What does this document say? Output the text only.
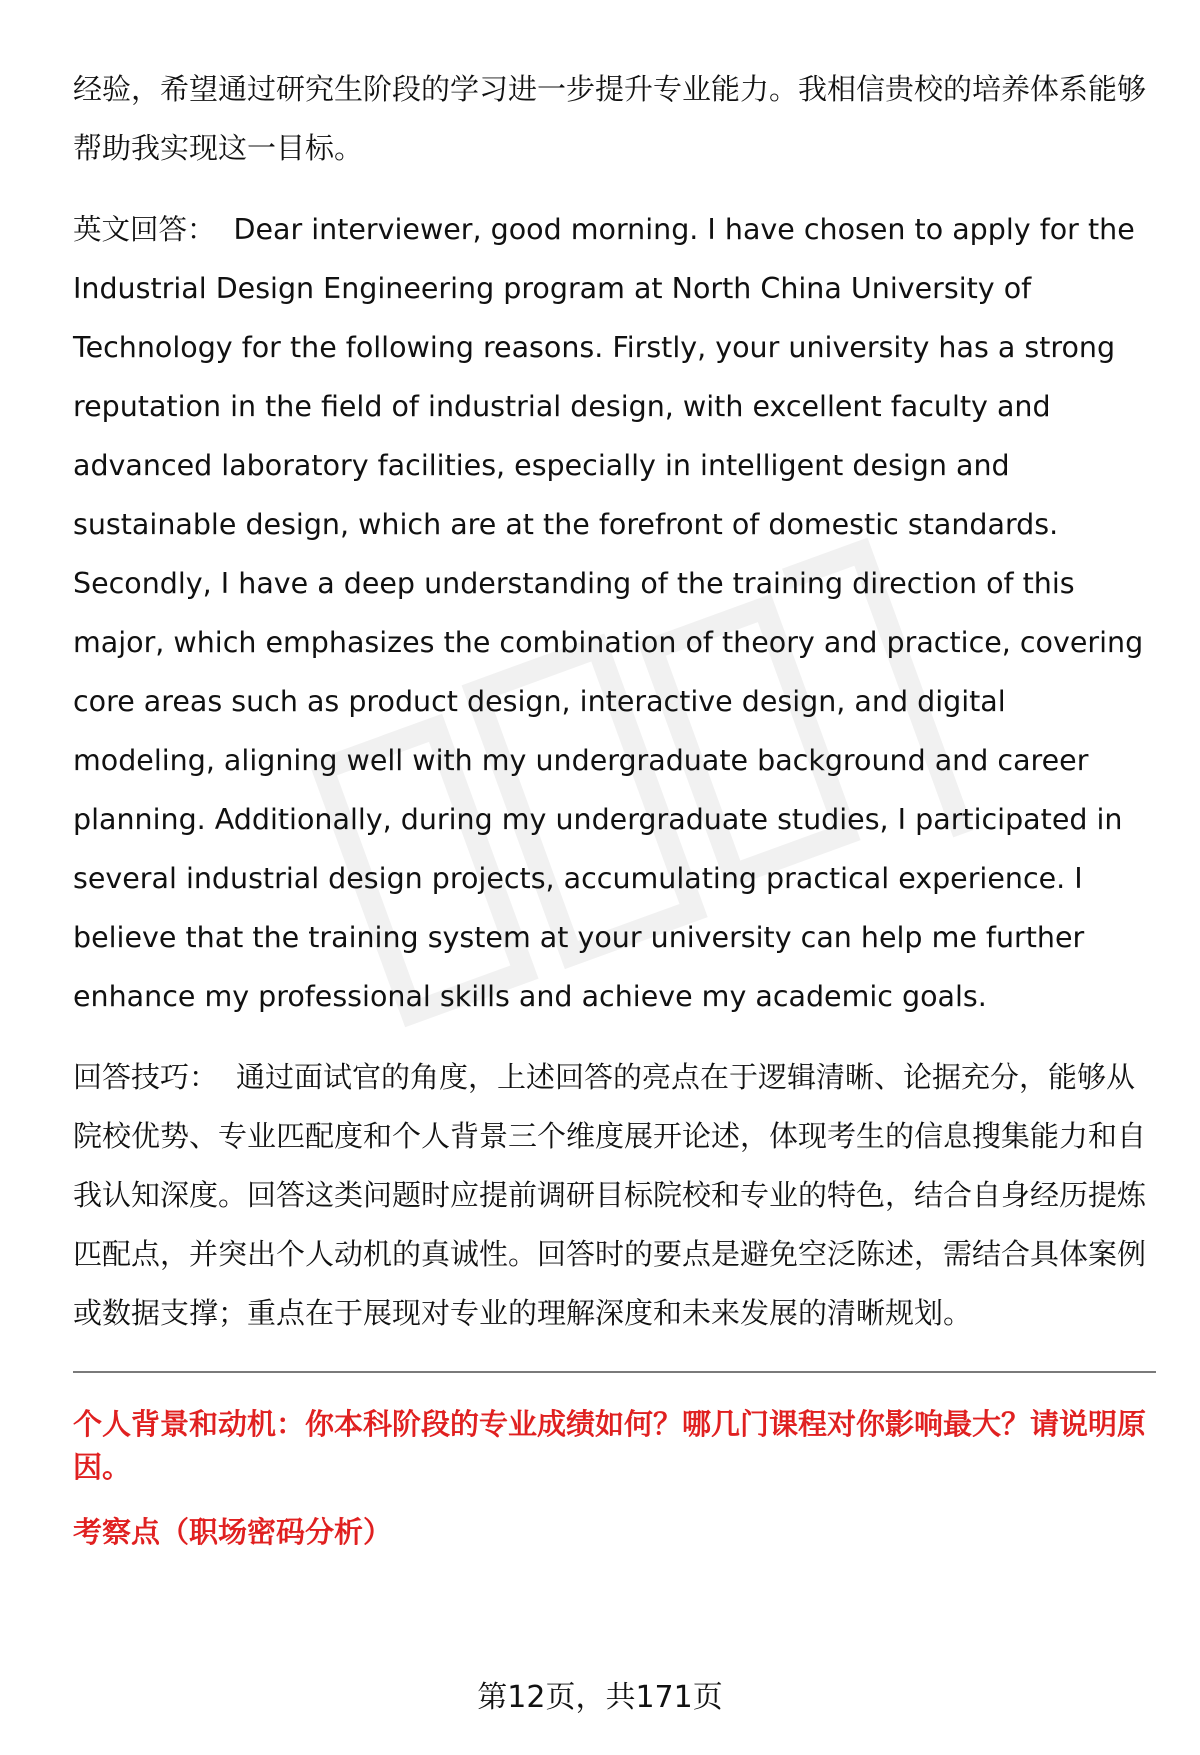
经验，希望通过研究生阶段的学习进一步提升专业能力。我相信贵校的培养体系能够帮助我实现这一目标。

英文回答： Dear interviewer, good morning. I have chosen to apply for the Industrial Design Engineering program at North China University of Technology for the following reasons. Firstly, your university has a strong reputation in the field of industrial design, with excellent faculty and advanced laboratory facilities, especially in intelligent design and sustainable design, which are at the forefront of domestic standards. Secondly, I have a deep understanding of the training direction of this major, which emphasizes the combination of theory and practice, covering core areas such as product design, interactive design, and digital modeling, aligning well with my undergraduate background and career planning. Additionally, during my undergraduate studies, I participated in several industrial design projects, accumulating practical experience. I believe that the training system at your university can help me further enhance my professional skills and achieve my academic goals.

回答技巧： 通过面试官的角度，上述回答的亮点在于逻辑清晰、论据充分，能够从院校优势、专业匹配度和个人背景三个维度展开论述，体现考生的信息搜集能力和自我认知深度。回答这类问题时应提前调研目标院校和专业的特色，结合自身经历提炼匹配点，并突出个人动机的真诚性。回答时的要点是避免空泛陈述，需结合具体案例或数据支撑；重点在于展现对专业的理解深度和未来发展的清晰规划。

个人背景和动机：你本科阶段的专业成绩如何？哪几门课程对你影响最大？请说明原因。

考察点（职场密码分析）

第12页，共171页
